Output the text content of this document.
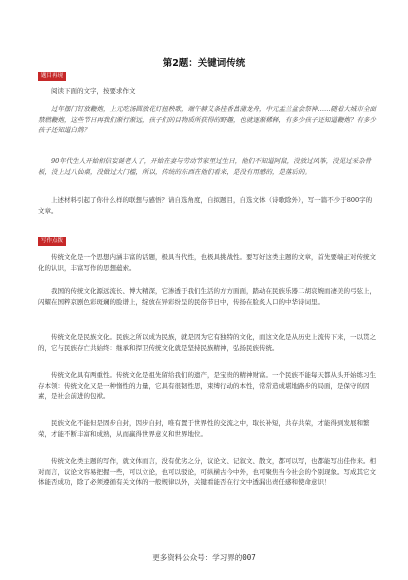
第2题：关键词传统
题目再现

阅读下面的文字，按要求作文

过年摆门钉放鞭炮，上元吃汤圆放花灯扭秧歌，端午赫艾条挂香菖蒲龙舟，中元盂兰盆会祭神……随着大城市全面禁燃鞭炮，这些节日再我们渐行渐远，孩子们的目物质所获得的野趣，也就逐渐稀释，有多少孩子还知道鞭炮？有多少孩子还知道白鸽？

90年代生人开始相信妄诞老人了，开始在妻与劳动节家里过生日，他们不知道阿鼠，没放过风筝，没见过采杂骨板，没上过八仙桌，没做过大门槛，所以，传统的东西在他们看来，是没有用感的，是落后的。

上述材料引起了你什么样的联想与感悟？请自选角度，自拟题目，自选文体（诗歌除外），写一篇不少于800字的文章。

写作点拨

传统文化是一个思想内涵丰富的话题，极具当代性，也极具挑战性。要写好这类主题的文章，首先要端正对传统文化的认识，丰富写作的思想蕴索。

我国的传统文化源远流长、博大精深，它渗透于我们生活的方方面面，踏动在民族乐器二胡哀婉而凄美的弓弦上，闪耀在国粹京剧色彩斑斓的脸谱上，绽放在异彩纷呈的民俗节日中，传扬在脸炙人口的中华诗词里。

传统文化是民族文化。民族之所以成为民族，就是因为它有独特的文化，而这文化是从历史上流传下来，一以贯之的，它与民族存亡共始终：继承和捍卫传统文化就是坚持民族精神，弘扬民族传统。

传统文化具有两重性。传统文化是祖先留给我们的遗产，是宝贵的精神财富。一个民族不能每天都从头开始练习生存本领：传统文化又是一种惰性的力量，它具有很韧性思，束缚行动的本性，常常造成堪地路步的局面，是保守的因素，是社会前进的包袱。

民族文化不能但是固步自封，因步自封，唯有置于世界性的交流之中，取长补短，共存共荣，才能得到发展和繁荣，才能不断丰富和成熟，从而赢得世界意义和世界地位。

传统文化类主题的写作，就文体而言，没有优劣之分，议论文、记叙文、散文，都可以写，也都能写出佳作来。相对而言，议论文容易把握一些，可以立论，也可以驳论，可纵横古今中外，也可聚焦当今社会的个别现象。写成其它文体能否成功，除了必须遵循有关文体的一般规律以外，关键看能否在行文中透漏出责任感和使命意识！

更多资料公众号：学习界的007
